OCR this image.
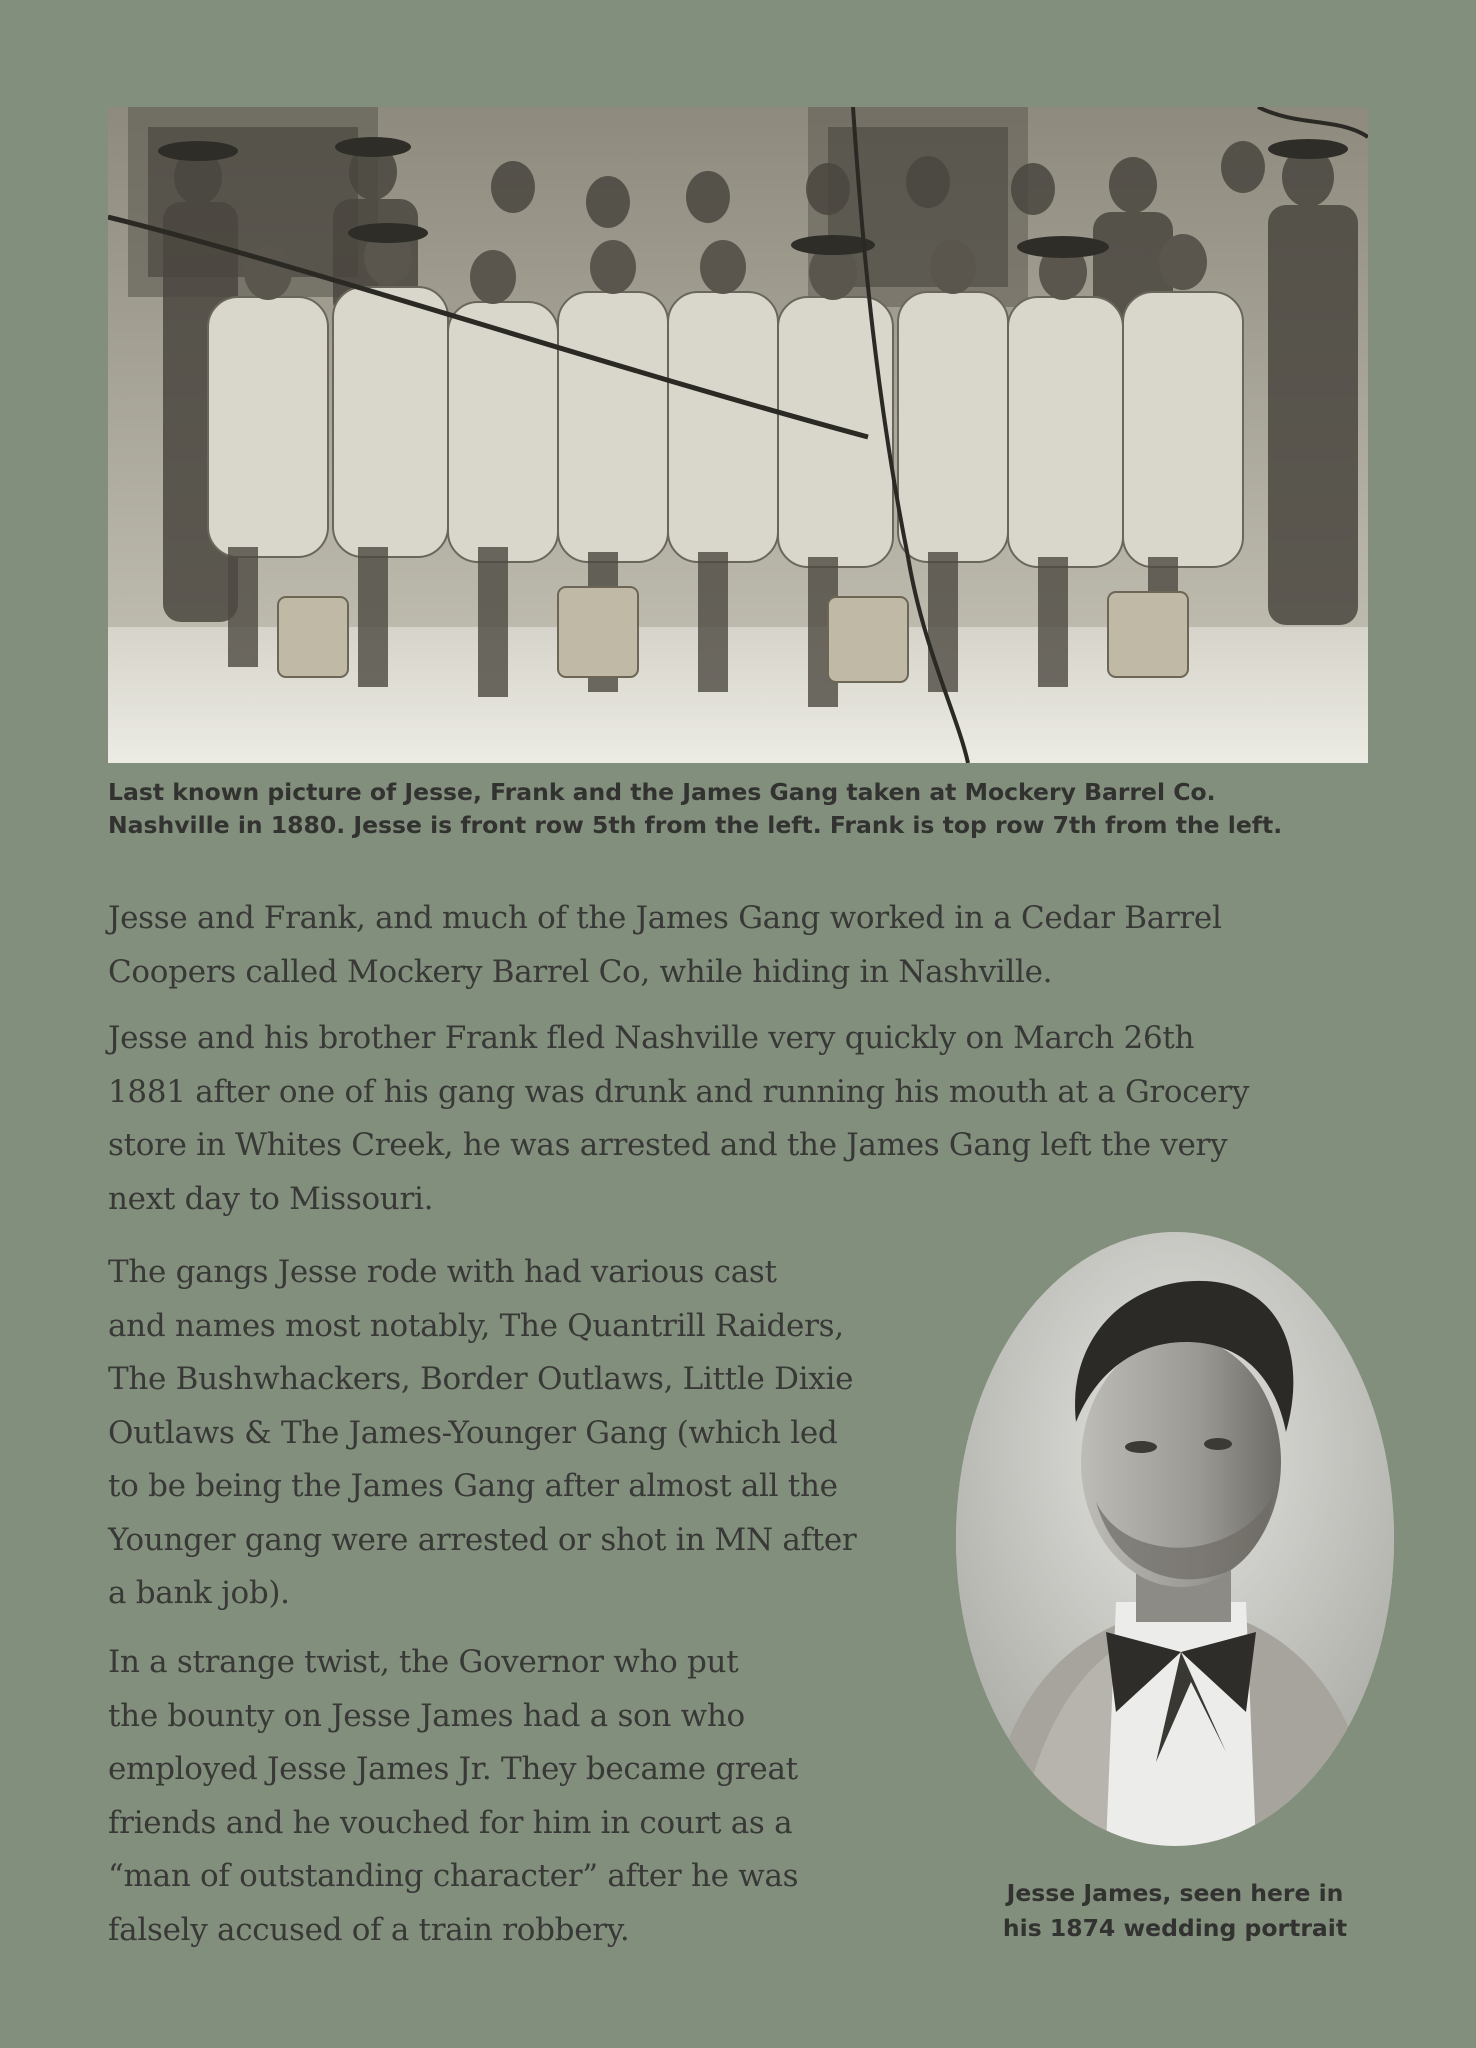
Last known picture of Jesse, Frank and the James Gang taken at Mockery Barrel Co.
Nashville in 1880. Jesse is front row 5th from the left. Frank is top row 7th from the left.

Jesse and Frank, and much of the James Gang worked in a Cedar Barrel
Coopers called Mockery Barrel Co, while hiding in Nashville.

Jesse and his brother Frank fled Nashville very quickly on March 26th
1881 after one of his gang was drunk and running his mouth at a Grocery
store in Whites Creek, he was arrested and the James Gang left the very
next day to Missouri.

The gangs Jesse rode with had various cast
and names most notably, The Quantrill Raiders,
The Bushwhackers, Border Outlaws, Little Dixie
Outlaws & The James-Younger Gang (which led
to be being the James Gang after almost all the
Younger gang were arrested or shot in MN after
a bank job).

In a strange twist, the Governor who put
the bounty on Jesse James had a son who
employed Jesse James Jr. They became great
friends and he vouched for him in court as a
“man of outstanding character” after he was
falsely accused of a train robbery.

Jesse James, seen here in
his 1874 wedding portrait
